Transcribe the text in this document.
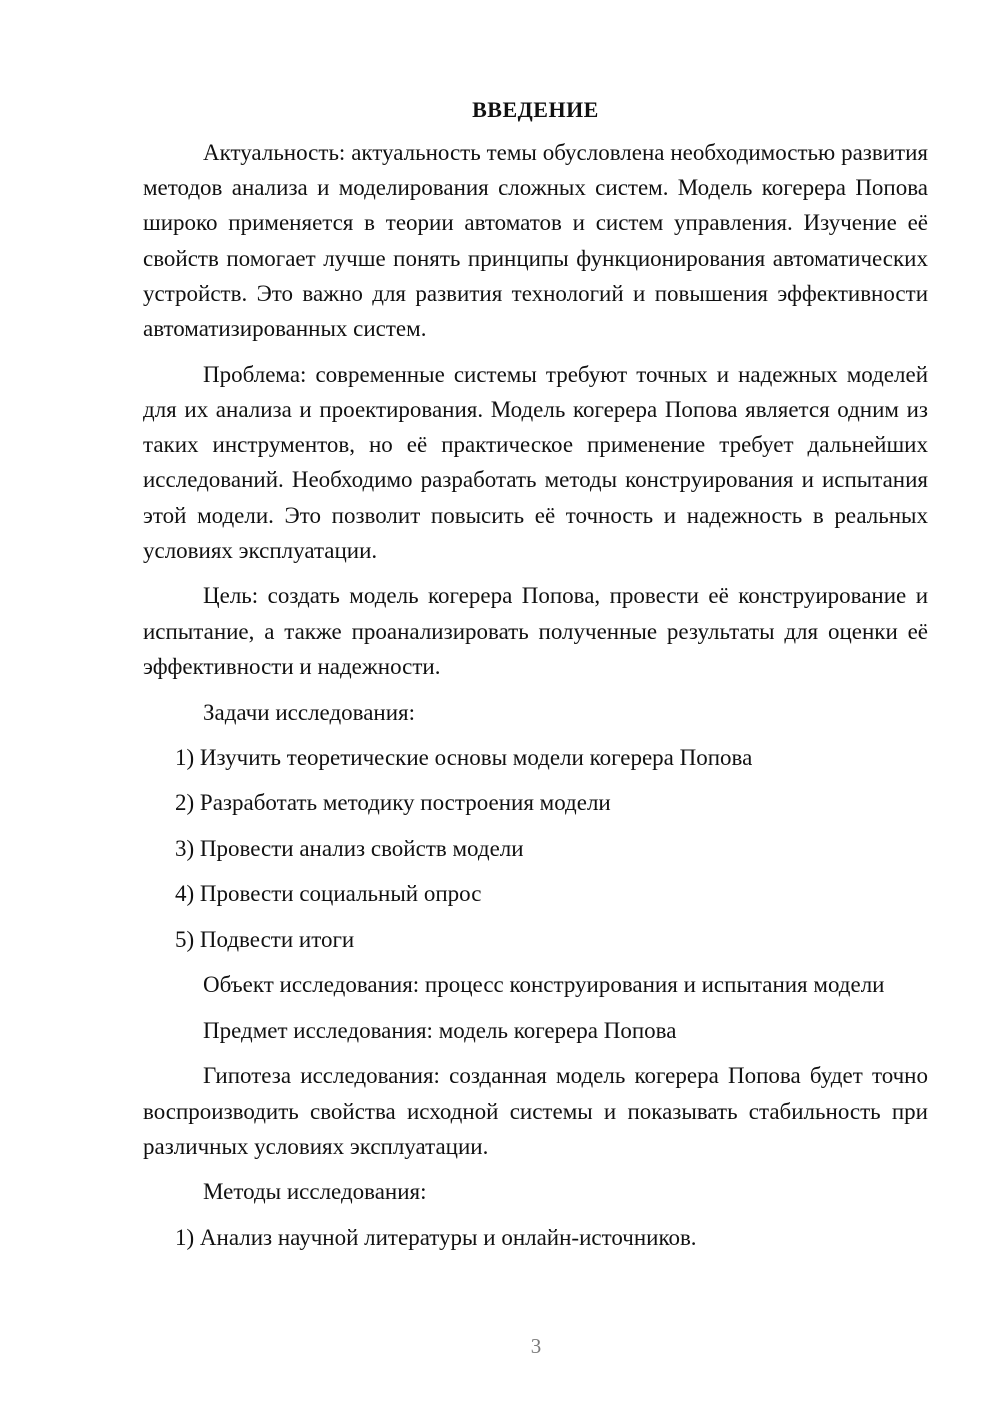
ВВЕДЕНИЕ

Актуальность: актуальность темы обусловлена необходимостью развития методов анализа и моделирования сложных систем. Модель когерера Попова широко применяется в теории автоматов и систем управления. Изучение её свойств помогает лучше понять принципы функционирования автоматических устройств. Это важно для развития технологий и повышения эффективности автоматизированных систем.

Проблема: современные системы требуют точных и надежных моделей для их анализа и проектирования. Модель когерера Попова является одним из таких инструментов, но её практическое применение требует дальнейших исследований. Необходимо разработать методы конструирования и испытания этой модели. Это позволит повысить её точность и надежность в реальных условиях эксплуатации.

Цель: создать модель когерера Попова, провести её конструирование и испытание, а также проанализировать полученные результаты для оценки её эффективности и надежности.

Задачи исследования:
1) Изучить теоретические основы модели когерера Попова
2) Разработать методику построения модели
3) Провести анализ свойств модели
4) Провести социальный опрос
5) Подвести итоги

Объект исследования: процесс конструирования и испытания модели

Предмет исследования: модель когерера Попова

Гипотеза исследования: созданная модель когерера Попова будет точно воспроизводить свойства исходной системы и показывать стабильность при различных условиях эксплуатации.

Методы исследования:
1) Анализ научной литературы и онлайн-источников.
3
